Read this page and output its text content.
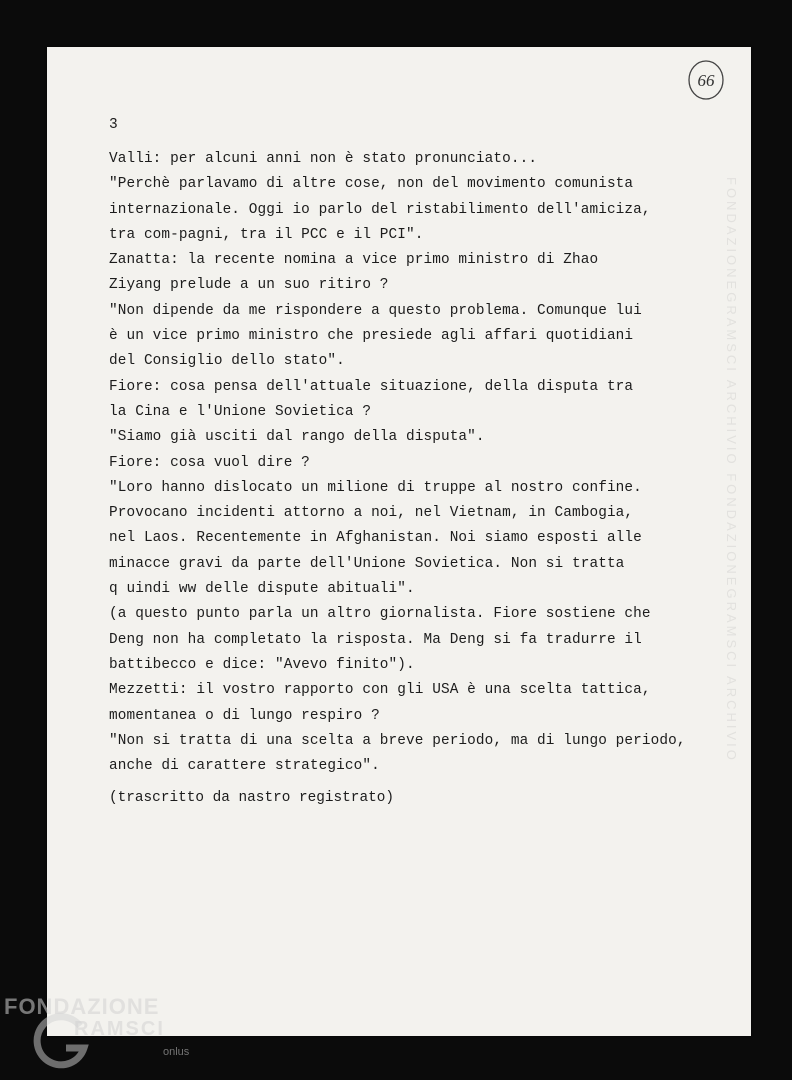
66
3
Valli: per alcuni anni non è stato pronunciato...
"Perchè parlavamo di altre cose, non del movimento comunista
internazionale. Oggi io parlo del ristabilimento dell'amiciza,
tra com-pagni, tra il PCC e il PCI".
Zanatta: la recente nomina a vice primo ministro di Zhao
Ziyang prelude a un suo ritiro ?
"Non dipende da me rispondere a questo problema. Comunque lui
è un vice primo ministro che presiede agli affari quotidiani
del Consiglio dello stato".
Fiore: cosa pensa dell'attuale situazione, della disputa tra
la Cina e l'Unione Sovietica ?
"Siamo già usciti dal rango della disputa".
Fiore: cosa vuol dire ?
"Loro hanno dislocato un milione di truppe al nostro confine.
Provocano incidenti attorno a noi, nel Vietnam, in Cambogia,
nel Laos. Recentemente in Afghanistan. Noi siamo esposti alle
minacce gravi da parte dell'Unione Sovietica. Non si tratta
q uindi ww delle dispute abituali".
(a questo punto parla un altro giornalista. Fiore sostiene che
Deng non ha completato la risposta. Ma Deng si fa tradurre il
battibecco e dice: "Avevo finito").
Mezzetti: il vostro rapporto con gli USA è una scelta tattica,
momentanea o di lungo respiro ?
"Non si tratta di una scelta a breve periodo, ma di lungo periodo,
anche di carattere strategico".
(trascritto da nastro registrato)
FONDAZIONEGRAMSCI ARCHIVIO FONDAZIONEGRAMSCI ARCHIVIO
FONDAZIONE
RAMSCI
onlus
